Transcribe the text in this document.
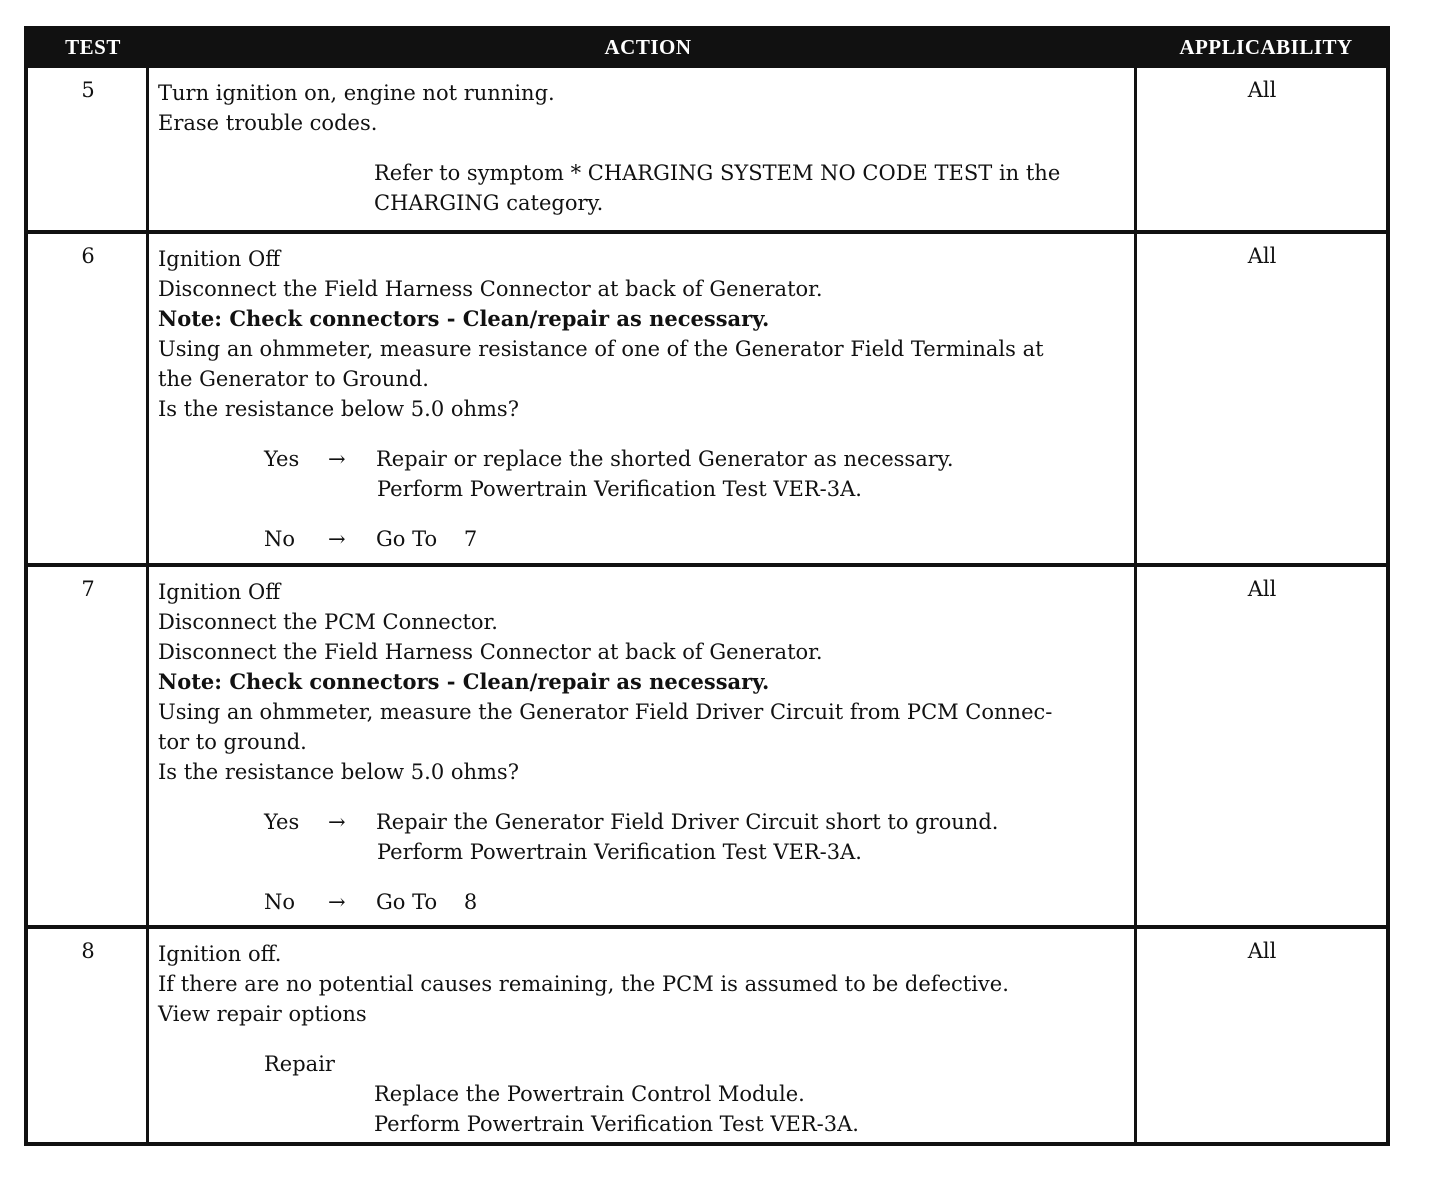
TEST	ACTION	APPLICABILITY
5	Turn ignition on, engine not running.
Erase trouble codes.
Refer to symptom * CHARGING SYSTEM NO CODE TEST in the
CHARGING category.
All
6	Ignition Off
Disconnect the Field Harness Connector at back of Generator.
Note: Check connectors - Clean/repair as necessary.
Using an ohmmeter, measure resistance of one of the Generator Field Terminals at
the Generator to Ground.
Is the resistance below 5.0 ohms?
Yes	→	Repair or replace the shorted Generator as necessary.
Perform Powertrain Verification Test VER-3A.
No	→	Go To    7
All
7	Ignition Off
Disconnect the PCM Connector.
Disconnect the Field Harness Connector at back of Generator.
Note: Check connectors - Clean/repair as necessary.
Using an ohmmeter, measure the Generator Field Driver Circuit from PCM Connec-
tor to ground.
Is the resistance below 5.0 ohms?
Yes	→	Repair the Generator Field Driver Circuit short to ground.
Perform Powertrain Verification Test VER-3A.
No	→	Go To    8
All
8	Ignition off.
If there are no potential causes remaining, the PCM is assumed to be defective.
View repair options
Repair
Replace the Powertrain Control Module.
Perform Powertrain Verification Test VER-3A.
All
